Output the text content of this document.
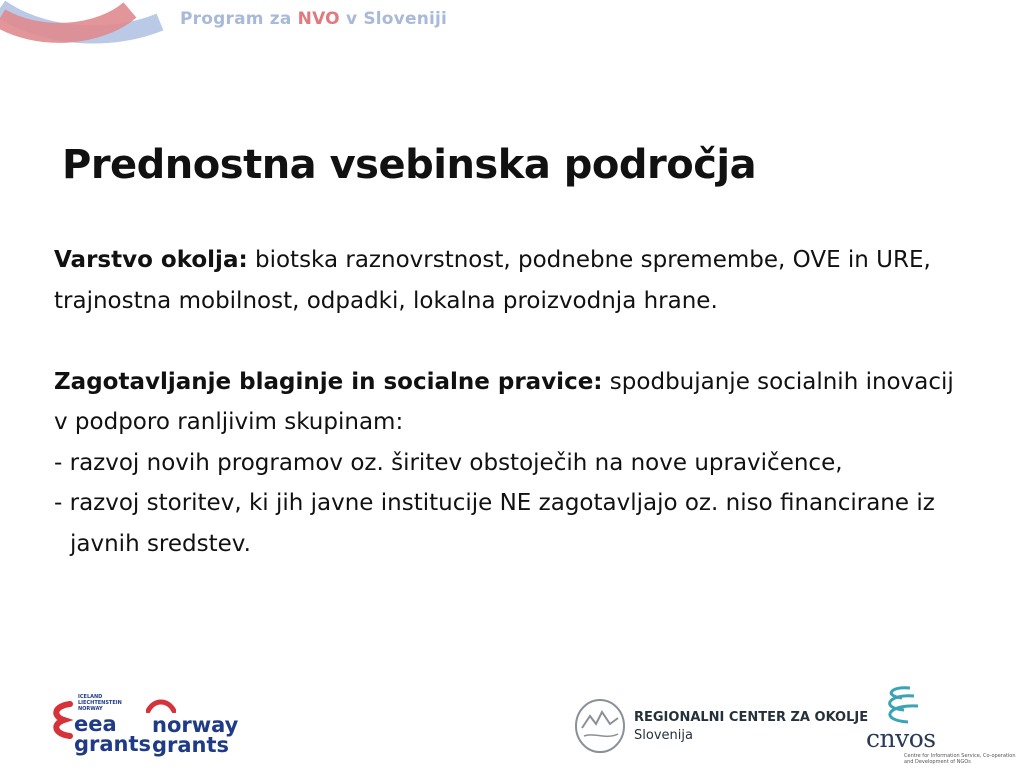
Program za NVO v Sloveniji
Prednostna vsebinska področja

Varstvo okolja: biotska raznovrstnost, podnebne spremembe, OVE in URE, trajnostna mobilnost, odpadki, lokalna proizvodnja hrane.

Zagotavljanje blaginje in socialne pravice: spodbujanje socialnih inovacij v podporo ranljivim skupinam:

- razvoj novih programov oz. širitev obstoječih na nove upravičence,

- razvoj storitev, ki jih javne institucije NE zagotavljajo oz. niso financirane iz javnih sredstev.

ICELAND LIECHTENSTEIN NORWAY
eea
grants
norway
grants
REGIONALNI CENTER ZA OKOLJE
Slovenija	cnvos
Centre for Information Service, Co-operation and Development of NGOs
